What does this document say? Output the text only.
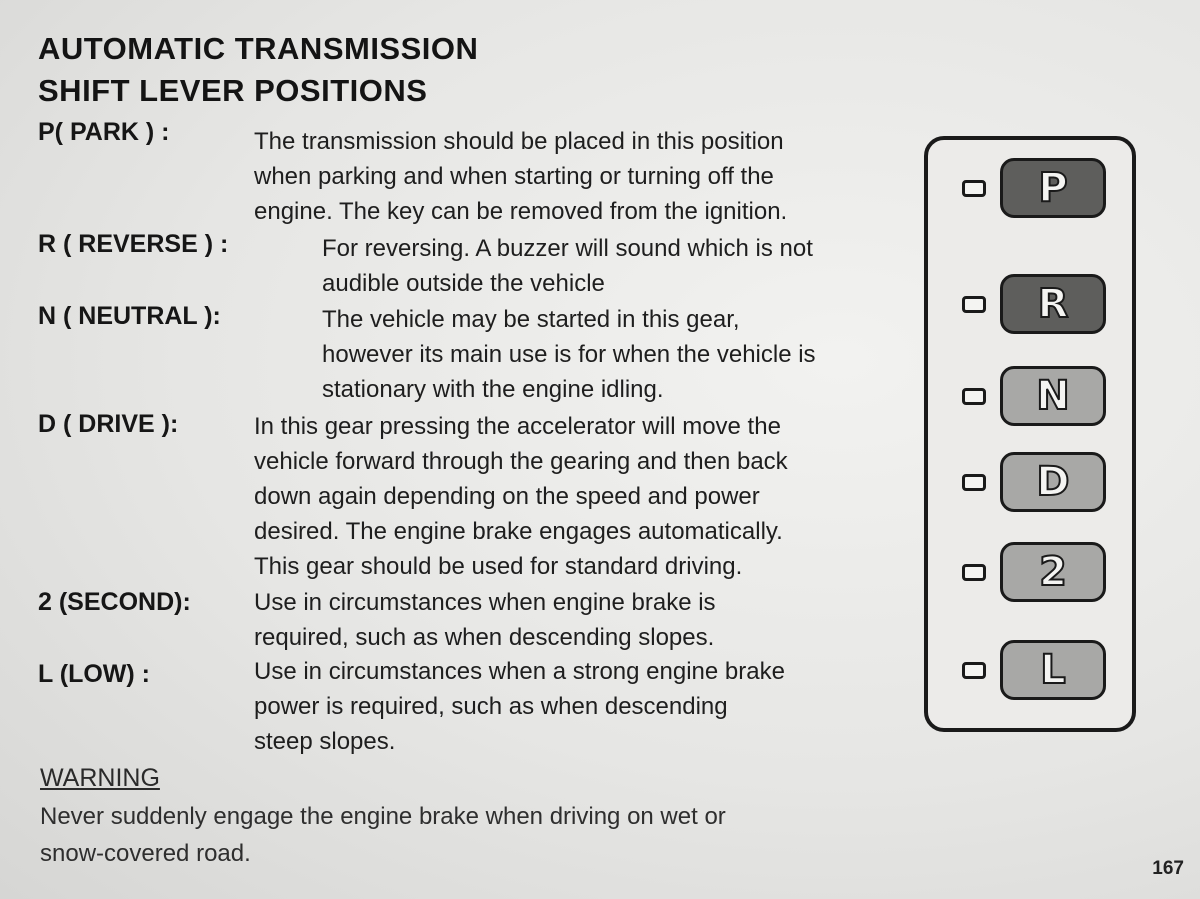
AUTOMATIC TRANSMISSION
SHIFT LEVER POSITIONS
P( PARK ) :	The transmission should be placed in this position
when parking and when starting or turning off the
engine. The key can be removed from the ignition.
R ( REVERSE ) :	For reversing. A buzzer will sound which is not
audible outside the vehicle
N ( NEUTRAL ):	The vehicle may be started in this gear,
however its main use is for when the vehicle is
stationary with the engine idling.
D ( DRIVE ):	In this gear pressing the accelerator will move the
vehicle forward through the gearing and then back
down again depending on the speed and power
desired. The engine brake engages automatically.
This gear should be used for standard driving.
2 (SECOND):	Use in circumstances when engine brake is
required, such as when descending slopes.
L (LOW) :	Use in circumstances when a strong engine brake
power is required, such as when descending
steep slopes.
WARNING
Never suddenly engage the engine brake when driving on wet or
snow-covered road.
167
P
R
N
D
2
L
